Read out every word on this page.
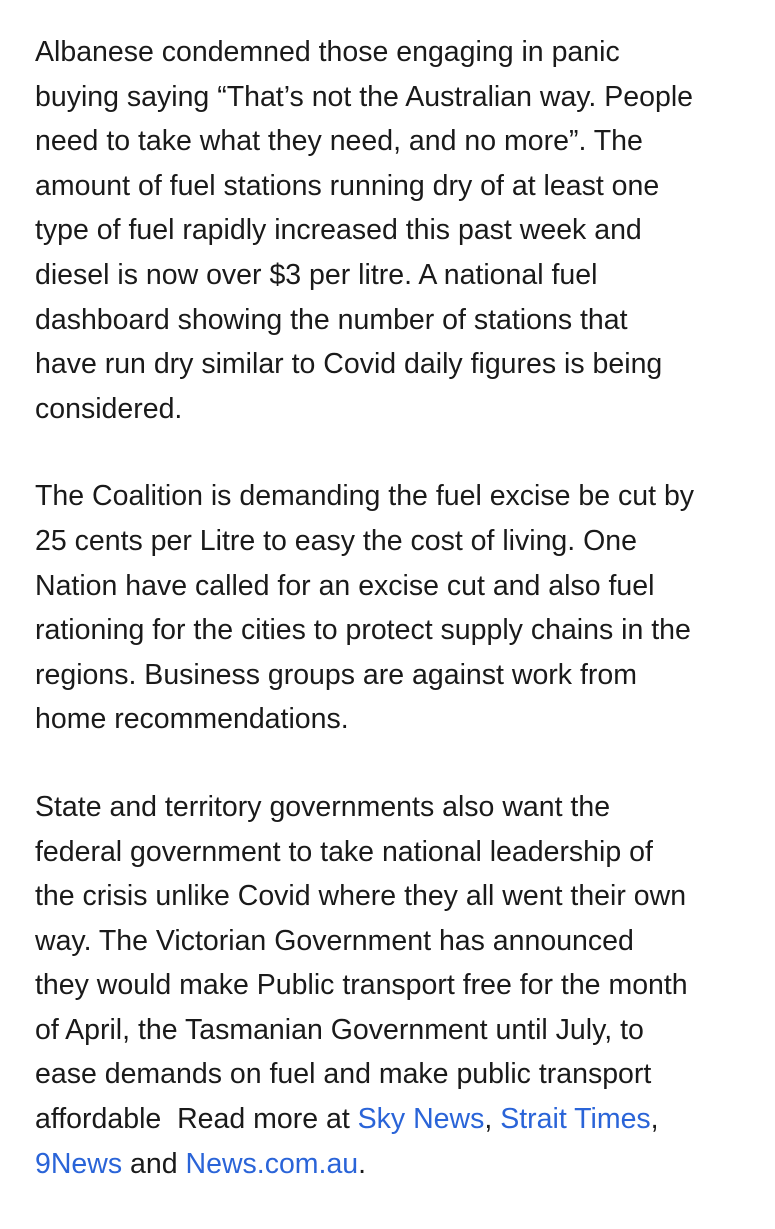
Albanese condemned those engaging in panic
buying saying “That’s not the Australian way. People
need to take what they need, and no more”. The
amount of fuel stations running dry of at least one
type of fuel rapidly increased this past week and
diesel is now over $3 per litre. A national fuel
dashboard showing the number of stations that
have run dry similar to Covid daily figures is being
considered.

The Coalition is demanding the fuel excise be cut by
25 cents per Litre to easy the cost of living. One
Nation have called for an excise cut and also fuel
rationing for the cities to protect supply chains in the
regions. Business groups are against work from
home recommendations.

State and territory governments also want the
federal government to take national leadership of
the crisis unlike Covid where they all went their own
way. The Victorian Government has announced
they would make Public transport free for the month
of April, the Tasmanian Government until July, to
ease demands on fuel and make public transport
affordable  Read more at Sky News, Strait Times,
9News and News.com.au.
